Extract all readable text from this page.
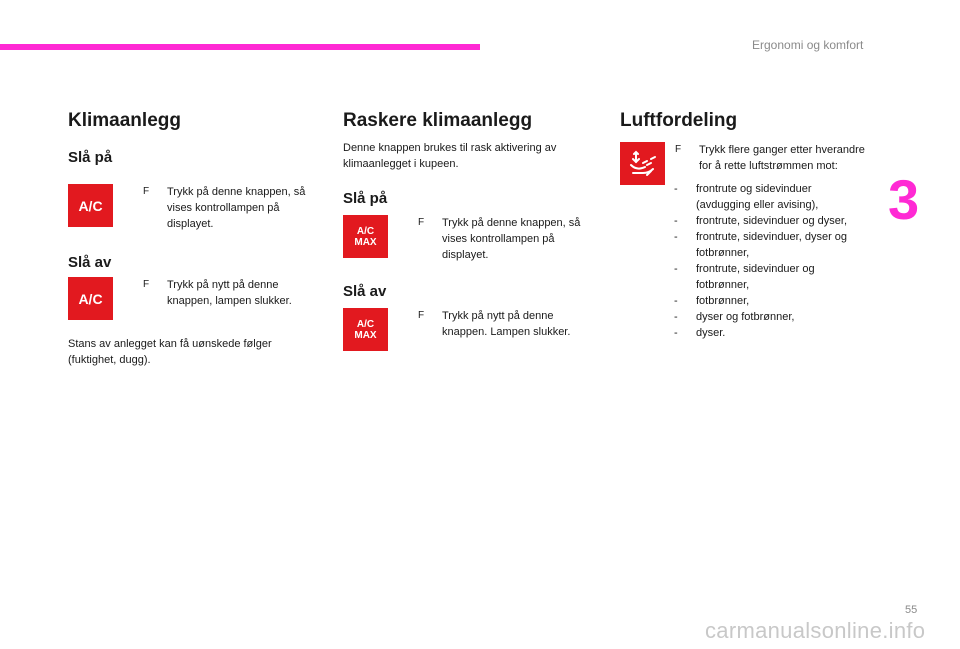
Ergonomi og komfort
3
Klimaanlegg
Slå på
A/C
F	Trykk på denne knappen, så vises kontrollampen på displayet.

Slå av
A/C
F	Trykk på nytt på denne knappen, lampen slukker.

Stans av anlegget kan få uønskede følger (fuktighet, dugg).

Raskere klimaanlegg

Denne knappen brukes til rask aktivering av klimaanlegget i kupeen.

Slå på
A/C
MAX
F	Trykk på denne knappen, så vises kontrollampen på displayet.

Slå av
A/C
MAX
F	Trykk på nytt på denne knappen. Lampen slukker.

Luftfordeling
F	Trykk flere ganger etter hverandre for å rette luftstrømmen mot:

-	frontrute og sidevinduer (avdugging eller avising),
-	frontrute, sidevinduer og dyser,
-	frontrute, sidevinduer, dyser og fotbrønner,
-	frontrute, sidevinduer og fotbrønner,
-	fotbrønner,
-	dyser og fotbrønner,
-	dyser.
55
carmanualsonline.info
